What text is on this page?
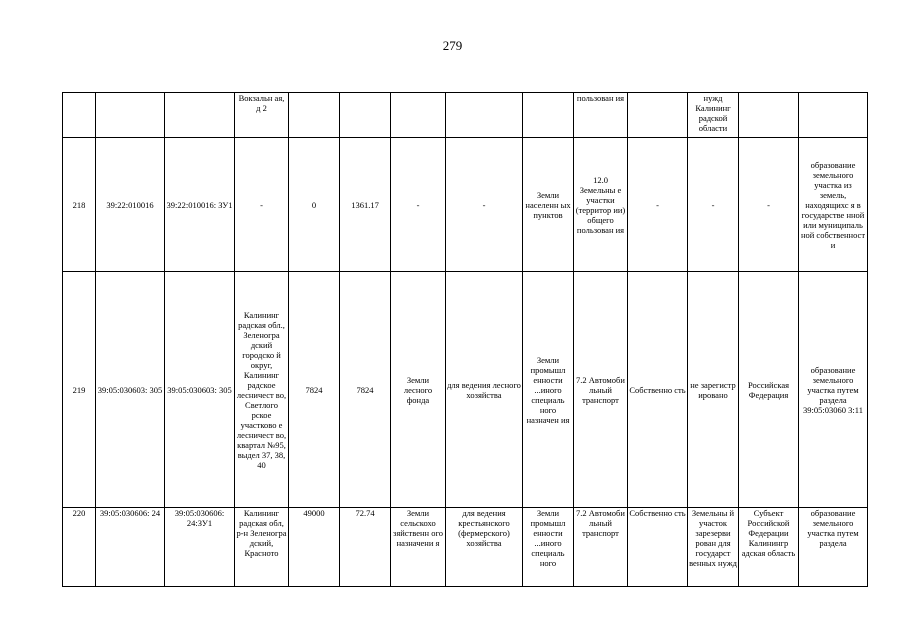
279
			Вокзальн ая, д 2						пользован ия		нужд Калининг радской области		
218	39:22:010016	39:22:010016: ЗУ1	-	0	1361.17	-	-	Земли населенн ых пунктов	12.0 Земельны е участки (территор ии) общего пользован ия	-	-	-	образование земельного участка из земель, находящихс я в государстве нной или муниципаль ной собственност и
219	39:05:030603: 305	39:05:030603: 305	Калининг радская обл., Зеленогра дский городско й округ, Калининг радское лесничест во, Светлого рское участково е лесничест во, квартал №95, выдел 37, 38, 40	7824	7824	Земли лесного фонда	для ведения лесного хозяйства	Земли промышл енности ...иного специаль ного назначен ия	7.2 Автомоби льный транспорт	Собственно сть	не зарегистр ировано	Российская Федерация	образование земельного участка путем раздела 39:05:03060 3:11
220	39:05:030606: 24	39:05:030606: 24:ЗУ1	Калининг радская обл, р-н Зеленогра дский, Красното	49000	72.74	Земли сельскохо зяйственн ого назначени я	для ведения крестьянского (фермерского) хозяйства	Земли промышл енности ...иного специаль ного	7.2 Автомоби льный транспорт	Собственно сть	Земельны й участок зарезерви рован для государст венных нужд	Субъект Российской Федерации Калинингр адская область	образование земельного участка путем раздела
